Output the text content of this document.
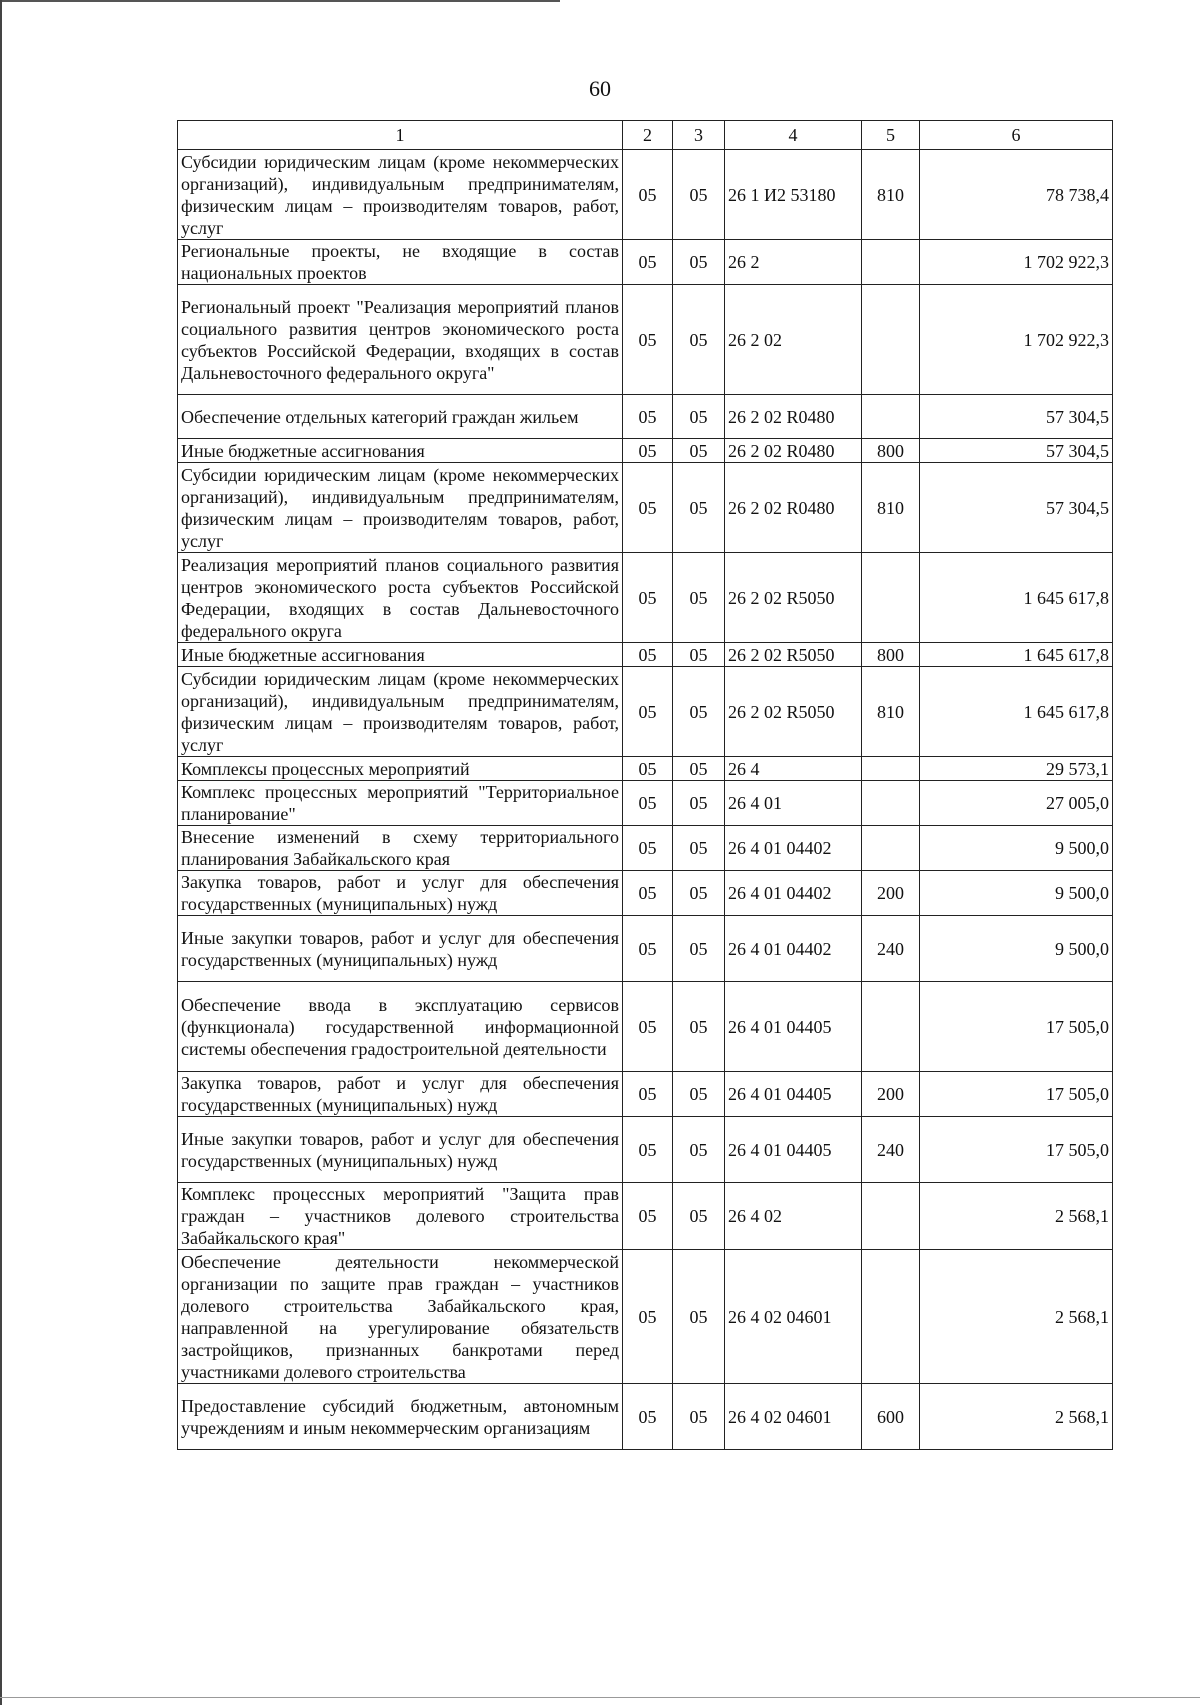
60
1	2	3	4	5	6
Субсидии юридическим лицам (кроме некоммерческих организаций), индивидуальным предпринимателям, физическим лицам – производителям товаров, работ, услуг	05	05	26 1 И2 53180	810	78 738,4
Региональные проекты, не входящие в состав национальных проектов	05	05	26 2		1 702 922,3
Региональный проект "Реализация мероприятий планов социального развития центров экономического роста субъектов Российской Федерации, входящих в состав Дальневосточного федерального округа"	05	05	26 2 02		1 702 922,3
Обеспечение отдельных категорий граждан жильем	05	05	26 2 02 R0480		57 304,5
Иные бюджетные ассигнования	05	05	26 2 02 R0480	800	57 304,5
Субсидии юридическим лицам (кроме некоммерческих организаций), индивидуальным предпринимателям, физическим лицам – производителям товаров, работ, услуг	05	05	26 2 02 R0480	810	57 304,5
Реализация мероприятий планов социального развития центров экономического роста субъектов Российской Федерации, входящих в состав Дальневосточного федерального округа	05	05	26 2 02 R5050		1 645 617,8
Иные бюджетные ассигнования	05	05	26 2 02 R5050	800	1 645 617,8
Субсидии юридическим лицам (кроме некоммерческих организаций), индивидуальным предпринимателям, физическим лицам – производителям товаров, работ, услуг	05	05	26 2 02 R5050	810	1 645 617,8
Комплексы процессных мероприятий	05	05	26 4		29 573,1
Комплекс процессных мероприятий "Территориальное планирование"	05	05	26 4 01		27 005,0
Внесение изменений в схему территориального планирования Забайкальского края	05	05	26 4 01 04402		9 500,0
Закупка товаров, работ и услуг для обеспечения государственных (муниципальных) нужд	05	05	26 4 01 04402	200	9 500,0
Иные закупки товаров, работ и услуг для обеспечения государственных (муниципальных) нужд	05	05	26 4 01 04402	240	9 500,0
Обеспечение ввода в эксплуатацию сервисов (функционала) государственной информационной системы обеспечения градостроительной деятельности	05	05	26 4 01 04405		17 505,0
Закупка товаров, работ и услуг для обеспечения государственных (муниципальных) нужд	05	05	26 4 01 04405	200	17 505,0
Иные закупки товаров, работ и услуг для обеспечения государственных (муниципальных) нужд	05	05	26 4 01 04405	240	17 505,0
Комплекс процессных мероприятий "Защита прав граждан – участников долевого строительства Забайкальского края"	05	05	26 4 02		2 568,1
Обеспечение деятельности некоммерческой организации по защите прав граждан – участников долевого строительства Забайкальского края, направленной на урегулирование обязательств застройщиков, признанных банкротами перед участниками долевого строительства	05	05	26 4 02 04601		2 568,1
Предоставление субсидий бюджетным, автономным учреждениям и иным некоммерческим организациям	05	05	26 4 02 04601	600	2 568,1
